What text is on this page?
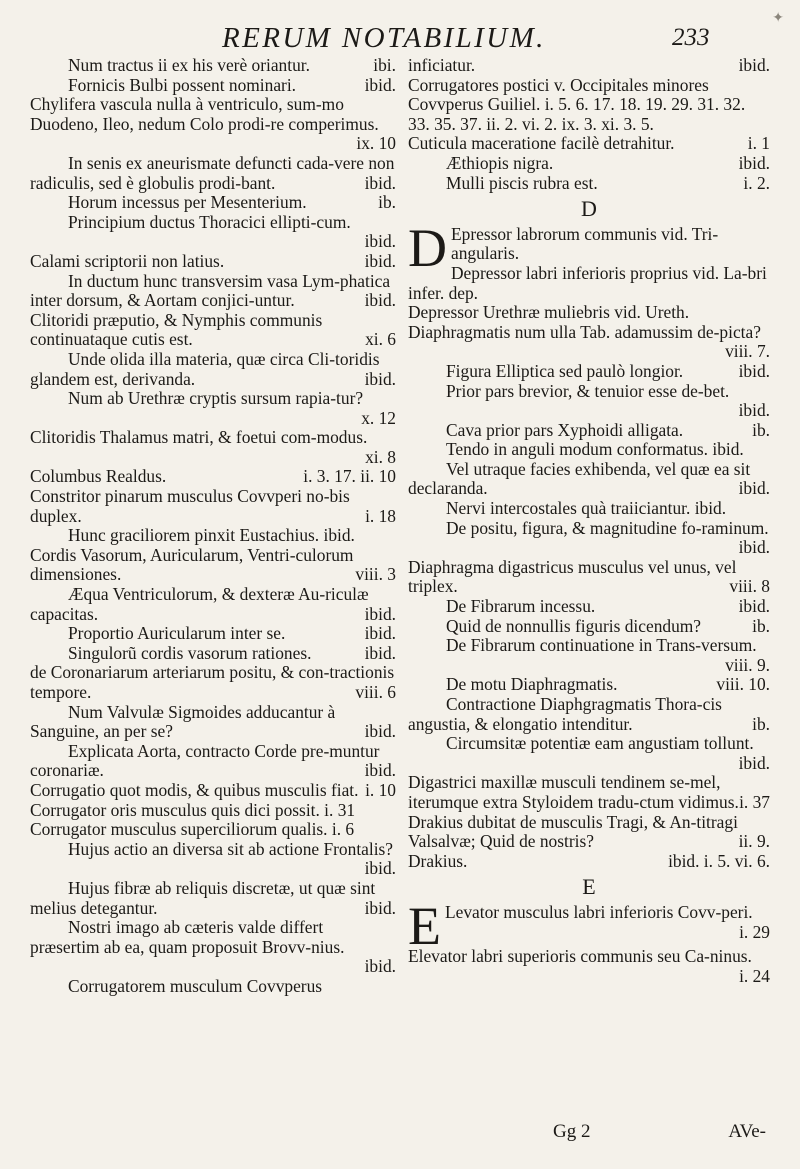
✦
RERUM NOTABILIUM.	233
Num tractus ii ex his verè oriantur.	ibi.
Fornicis Bulbi possent nominari.	ibid.
Chylifera vascula nulla à ventriculo, sum-mo Duodeno, Ileo, nedum Colo prodi-re comperimus.
ix. 10
In senis ex aneurismate defuncti cada-vere non radiculis, sed è globulis prodi-bant.	ibid.
Horum incessus per Mesenterium.	ib.
Principium ductus Thoracici ellipti-cum.
ibid.
Calami scriptorii non latius.	ibid.
In ductum hunc transversim vasa Lym-phatica inter dorsum, & Aortam conjici-untur.	ibid.
Clitoridi præputio, & Nymphis communis continuataque cutis est.	xi. 6
Unde olida illa materia, quæ circa Cli-toridis glandem est, derivanda.	ibid.
Num ab Urethræ cryptis sursum rapia-tur?
x. 12
Clitoridis Thalamus matri, & foetui com-modus.
xi. 8
Columbus Realdus.	i. 3. 17. ii. 10
Constritor pinarum musculus Covvperi no-bis duplex.	i. 18
Hunc graciliorem pinxit Eustachius. ibid.
Cordis Vasorum, Auricularum, Ventri-culorum dimensiones.	viii. 3
Æqua Ventriculorum, & dexteræ Au-riculæ capacitas.	ibid.
Proportio Auricularum inter se.	ibid.
Singulorũ cordis vasorum rationes.	ibid.
de Coronariarum arteriarum positu, & con-tractionis tempore.	viii. 6
Num Valvulæ Sigmoides adducantur à Sanguine, an per se?	ibid.
Explicata Aorta, contracto Corde pre-muntur coronariæ.	ibid.
Corrugatio quot modis, & quibus musculis fiat. i. 10
Corrugator oris musculus quis dici possit. i. 31
Corrugator musculus superciliorum qualis. i. 6
Hujus actio an diversa sit ab actione Frontalis?
ibid.
Hujus fibræ ab reliquis discretæ, ut quæ sint melius detegantur.	ibid.
Nostri imago ab cæteris valde differt præsertim ab ea, quam proposuit Brovv-nius.
ibid.
Corrugatorem musculum Covvperus
inficiatur.	ibid.
Corrugatores postici v. Occipitales minores Covvperus Guiliel. i. 5. 6. 17. 18. 19. 29. 31. 32. 33. 35. 37. ii. 2. vi. 2. ix. 3. xi. 3. 5.
Cuticula maceratione facilè detrahitur.	i. 1
Æthiopis nigra.	ibid.
Mulli piscis rubra est.	i. 2.
D
D Epressor labrorum communis vid. Tri-angularis.
Depressor labri inferioris proprius vid. La-bri infer. dep.
Depressor Urethræ muliebris vid. Ureth.
Diaphragmatis num ulla Tab. adamussim de-picta?
viii. 7.
Figura Elliptica sed paulò longior.	ibid.
Prior pars brevior, & tenuior esse de-bet.
ibid.
Cava prior pars Xyphoidi alligata.	ib.
Tendo in anguli modum conformatus. ibid.
Vel utraque facies exhibenda, vel quæ ea sit declaranda.	ibid.
Nervi intercostales quà traiiciantur. ibid.
De positu, figura, & magnitudine fo-raminum.
ibid.
Diaphragma digastricus musculus vel unus, vel triplex.	viii. 8
De Fibrarum incessu.	ibid.
Quid de nonnullis figuris dicendum?	ib.
De Fibrarum continuatione in Trans-versum.
viii. 9.
De motu Diaphragmatis.	viii. 10.
Contractione Diaphgragmatis Thora-cis angustia, & elongatio intenditur.	ib.
Circumsitæ potentiæ eam angustiam tollunt.
ibid.
Digastrici maxillæ musculi tendinem se-mel, iterumque extra Styloidem tradu-ctum vidimus. i. 37
Drakius dubitat de musculis Tragi, & An-titragi Valsalvæ; Quid de nostris?	ii. 9.
Drakius.	ibid. i. 5. vi. 6.
E
E Levator musculus labri inferioris Covv-peri.
i. 29
Elevator labri superioris communis seu Ca-ninus.
i. 24
Gg 2	AVe-
